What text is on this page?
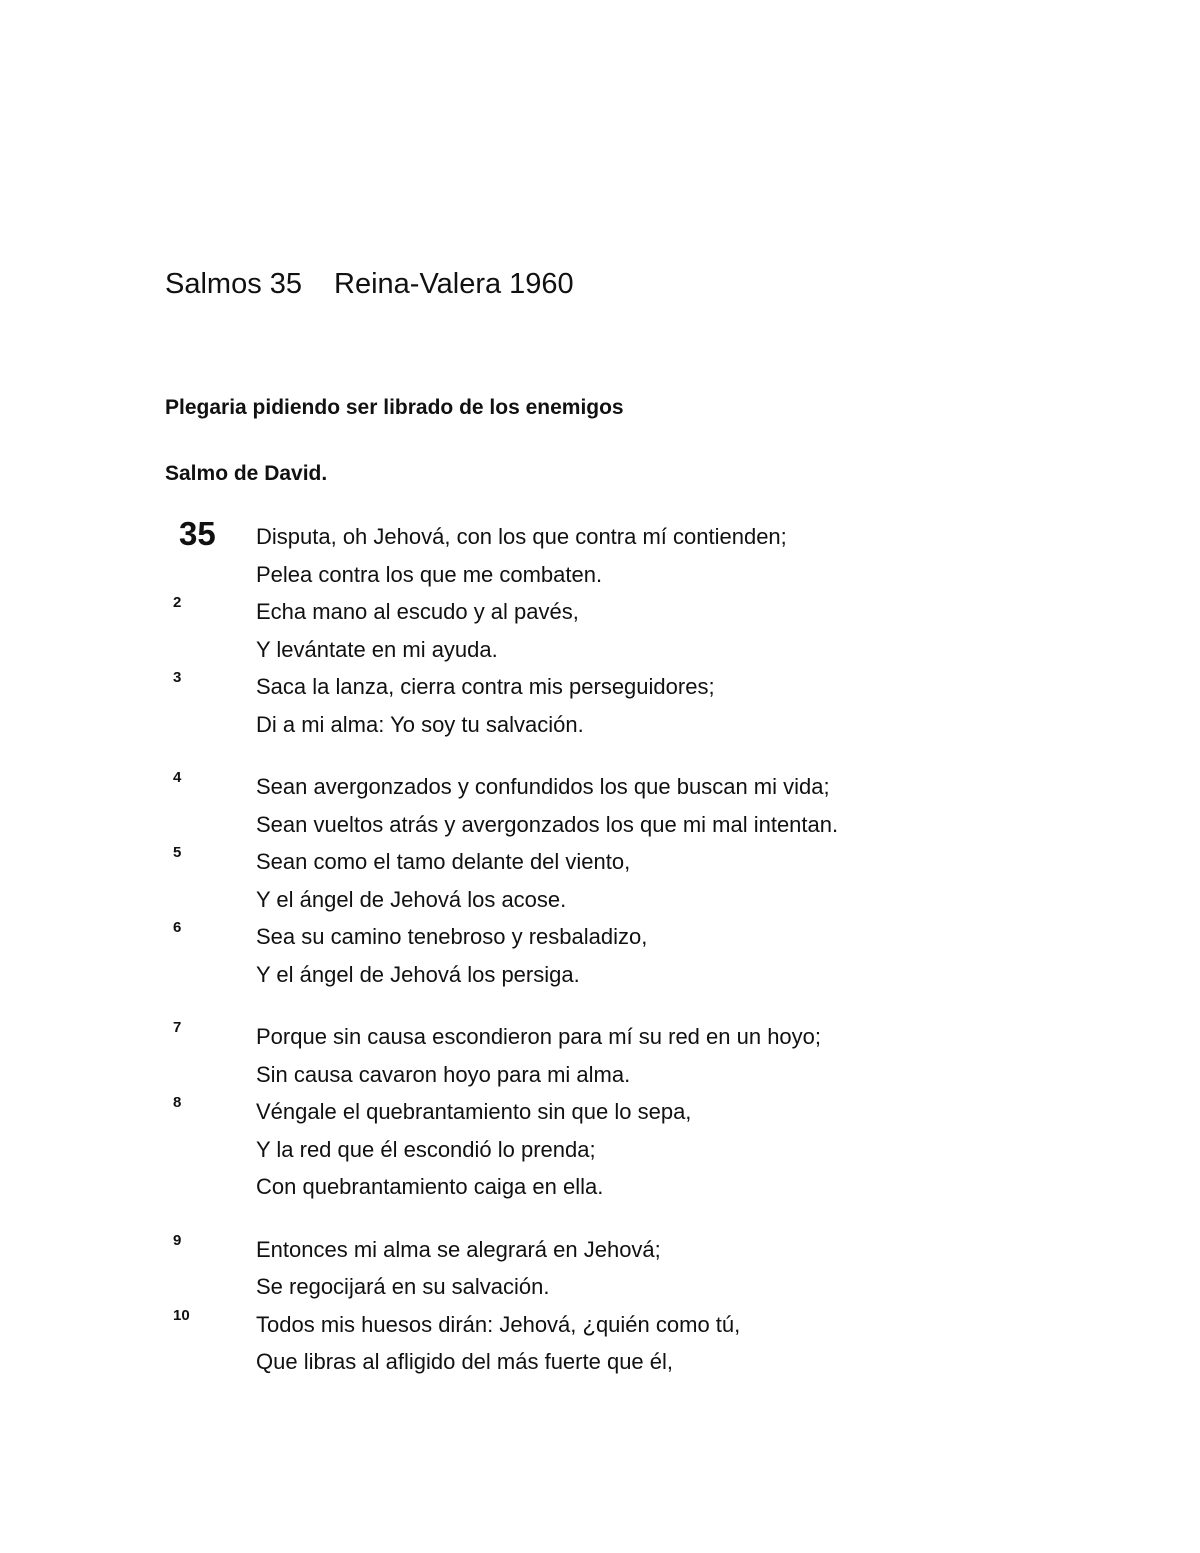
Salmos 35 Reina-Valera 1960
Plegaria pidiendo ser librado de los enemigos
Salmo de David.
35	Disputa, oh Jehová, con los que contra mí contienden;
Pelea contra los que me combaten.
2	Echa mano al escudo y al pavés,
Y levántate en mi ayuda.
3	Saca la lanza, cierra contra mis perseguidores;
Di a mi alma: Yo soy tu salvación.
4	Sean avergonzados y confundidos los que buscan mi vida;
Sean vueltos atrás y avergonzados los que mi mal intentan.
5	Sean como el tamo delante del viento,
Y el ángel de Jehová los acose.
6	Sea su camino tenebroso y resbaladizo,
Y el ángel de Jehová los persiga.
7	Porque sin causa escondieron para mí su red en un hoyo;
Sin causa cavaron hoyo para mi alma.
8	Véngale el quebrantamiento sin que lo sepa,
Y la red que él escondió lo prenda;
Con quebrantamiento caiga en ella.
9	Entonces mi alma se alegrará en Jehová;
Se regocijará en su salvación.
10	Todos mis huesos dirán: Jehová, ¿quién como tú,
Que libras al afligido del más fuerte que él,
